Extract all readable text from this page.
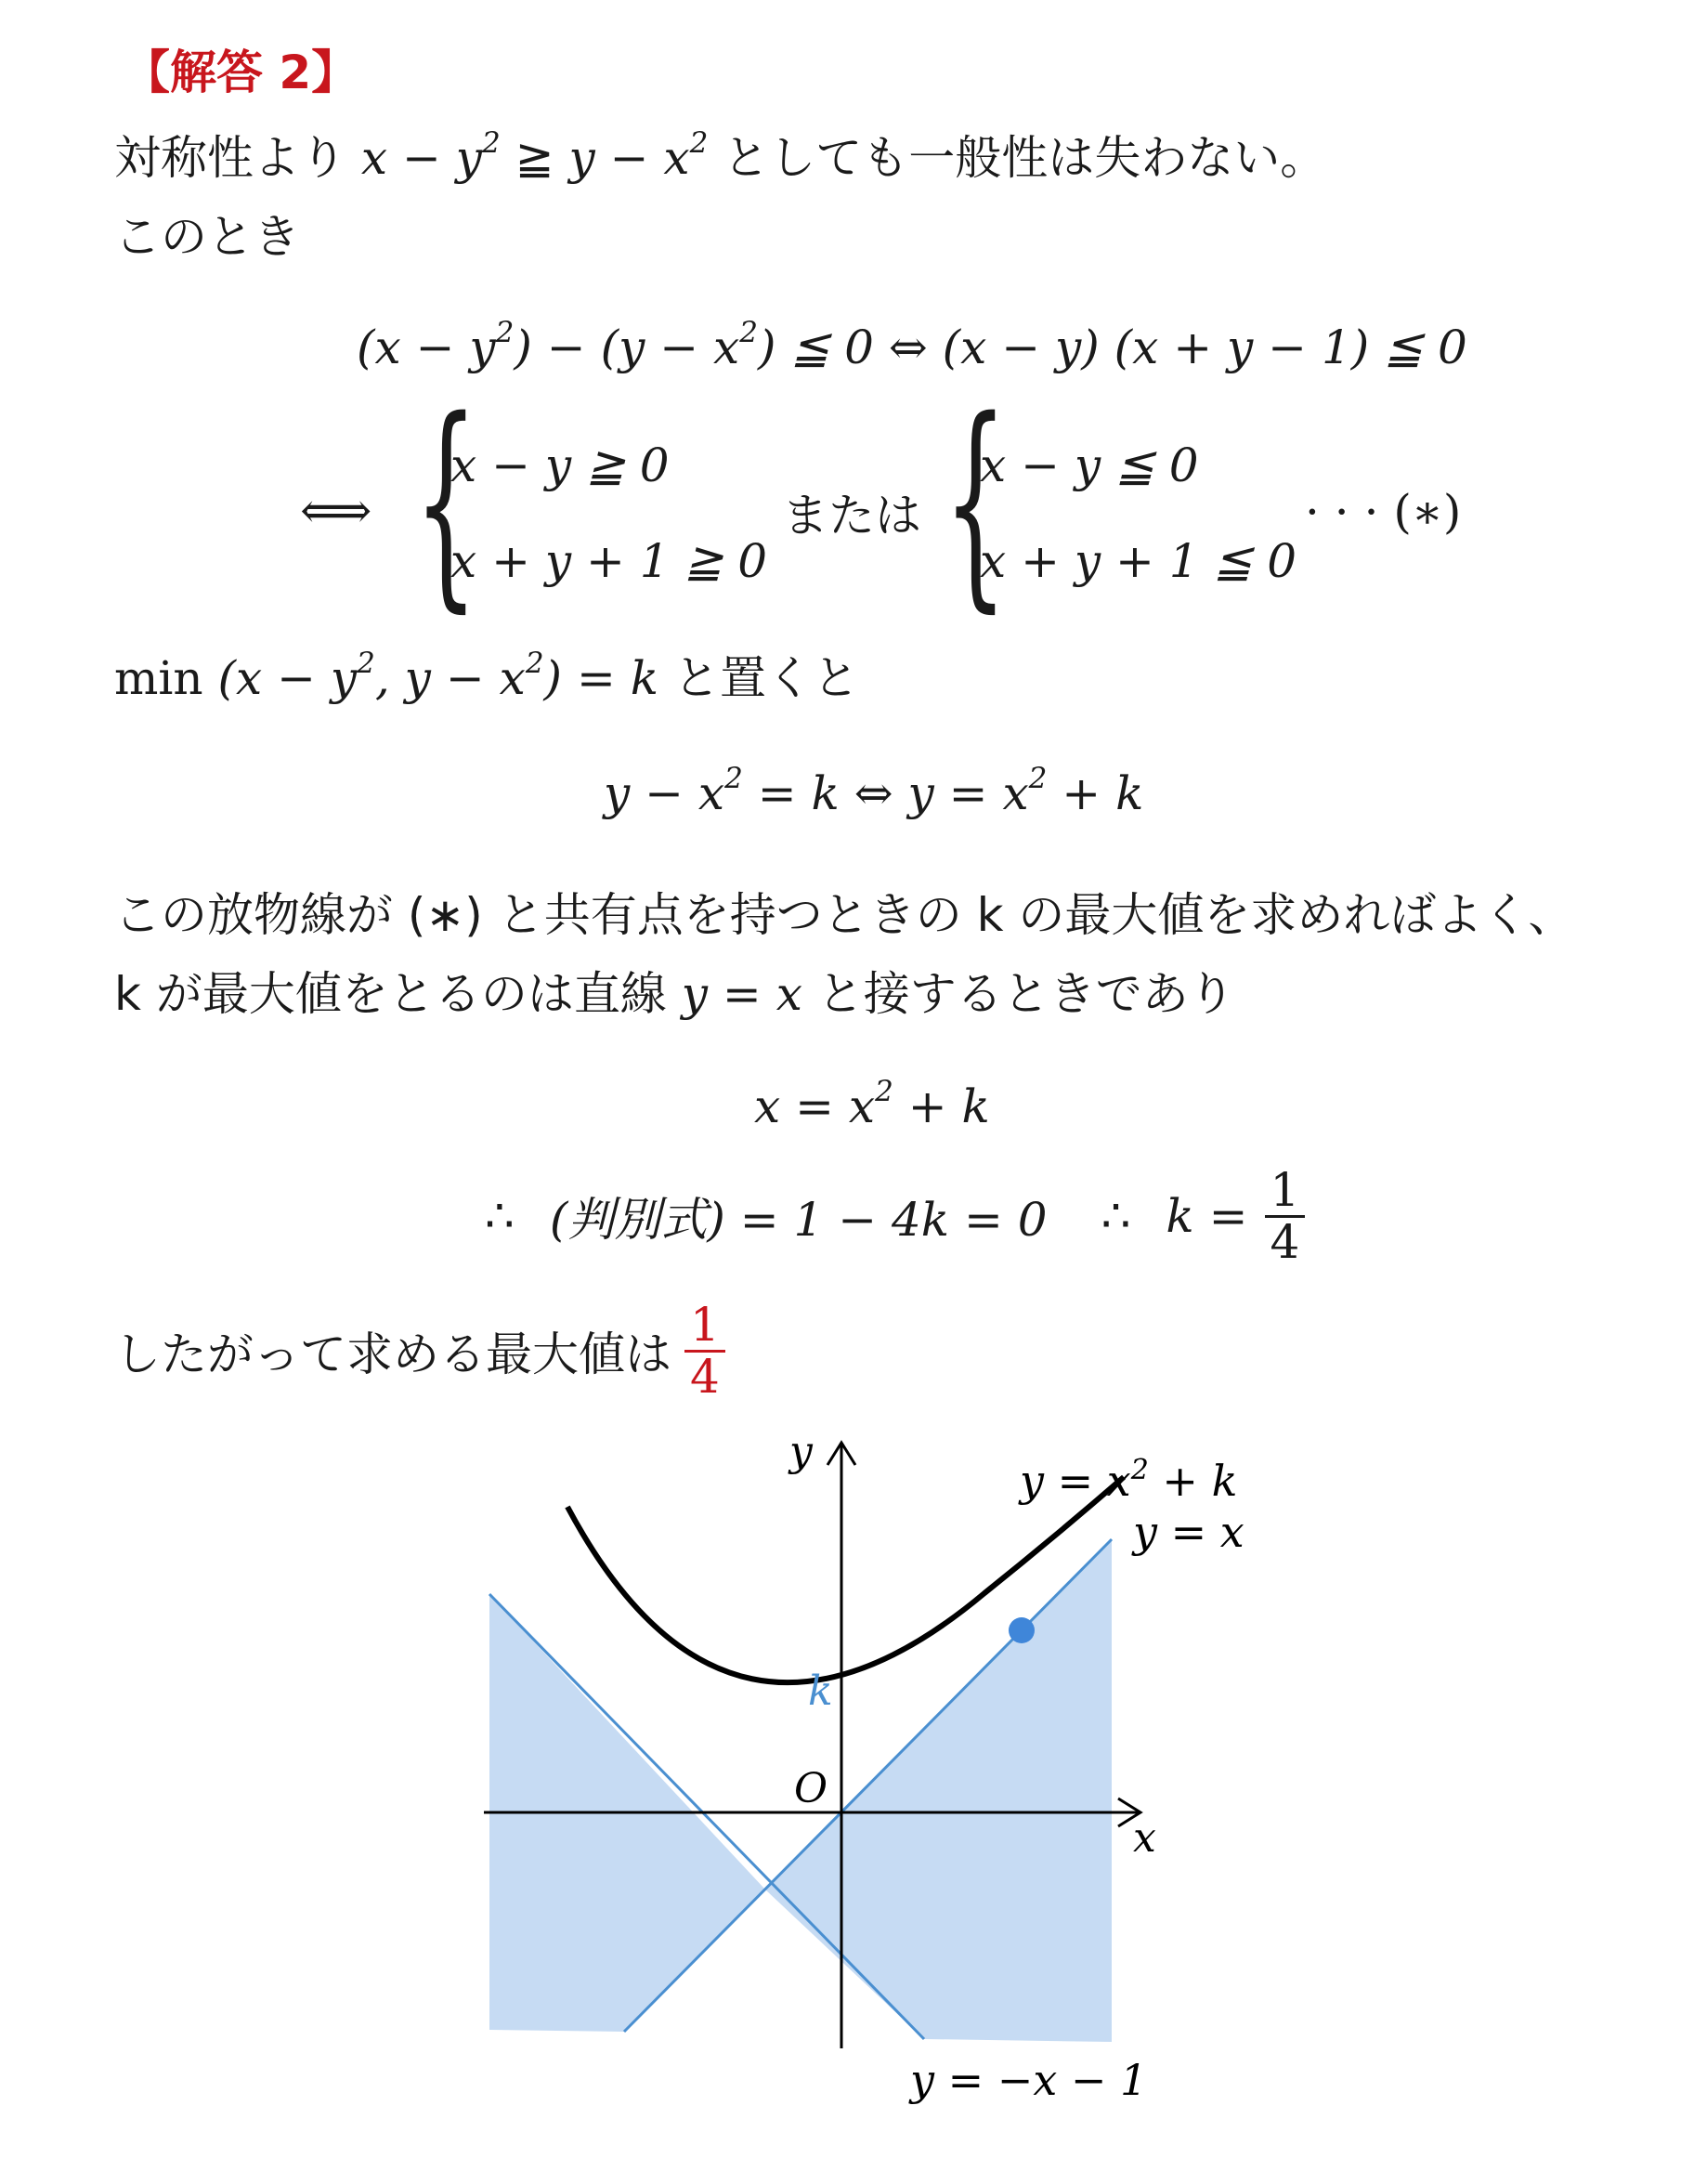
【解答 2】
対称性より $x - y^2$ ≧ $y - x^2$ としても一般性は失わない。
このとき
$(x - y^2) - (y - x^2)$ ≦ 0 ⇔ (x − y) (x + y − 1) ≦ 0
⟺ {
x − y ≧ 0
x + y + 1 ≧ 0
または {
x − y ≦ 0
x + y + 1 ≦ 0
· · · (∗)
$\min (x - y^2$, $y - x^2) = k$ と置くと
$y - x^2 = k$ ⇔ $y = x^2 + k$
この放物線が (∗) と共有点を持つときの k の最大値を求めればよく、
k が最大値をとるのは直線 y = x と接するときであり
$x = x^2 + k$
∴ (判別式) = 1 − 4k = 0 ∴ $k = \frac{1}{4}$
したがって求める最大値は $\frac{1}{4}$
y
x
O
k
$y = x^2 + k$
y = x
y = −x − 1
